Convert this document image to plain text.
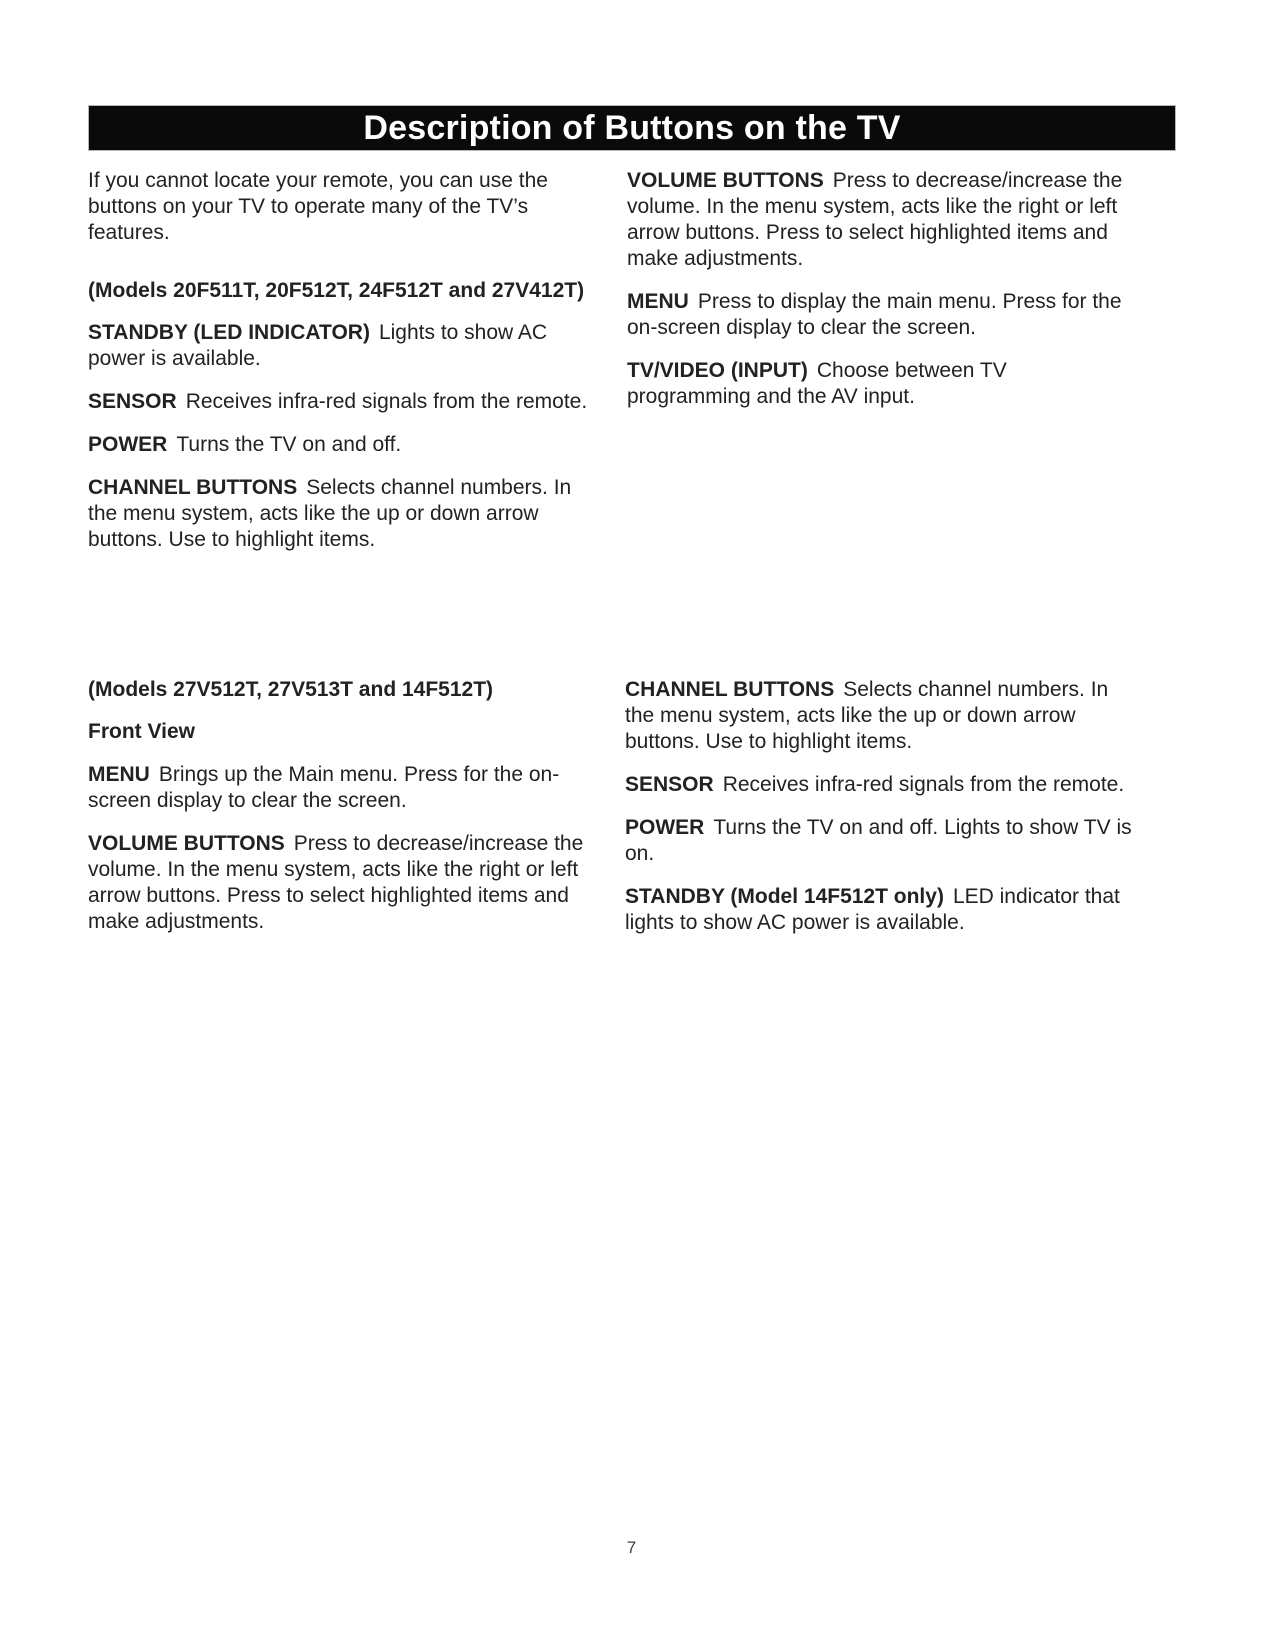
Description of Buttons on the TV

If you cannot locate your remote, you can use the buttons on your TV to operate many of the TV’s features.

(Models 20F511T, 20F512T, 24F512T and 27V412T)

STANDBY (LED INDICATOR) Lights to show AC power is available.

SENSOR Receives infra-red signals from the remote.

POWER Turns the TV on and off.

CHANNEL BUTTONS Selects channel numbers. In the menu system, acts like the up or down arrow buttons. Use to highlight items.

VOLUME BUTTONS Press to decrease/increase the volume. In the menu system, acts like the right or left arrow buttons. Press to select highlighted items and make adjustments.

MENU Press to display the main menu. Press for the on-screen display to clear the screen.

TV/VIDEO (INPUT) Choose between TV programming and the AV input.

(Models 27V512T, 27V513T and 14F512T)

Front View

MENU Brings up the Main menu. Press for the on-screen display to clear the screen.

VOLUME BUTTONS Press to decrease/increase the volume. In the menu system, acts like the right or left arrow buttons. Press to select highlighted items and make adjustments.

CHANNEL BUTTONS Selects channel numbers. In the menu system, acts like the up or down arrow buttons. Use to highlight items.

SENSOR Receives infra-red signals from the remote.

POWER Turns the TV on and off. Lights to show TV is on.

STANDBY (Model 14F512T only) LED indicator that lights to show AC power is available.

7
